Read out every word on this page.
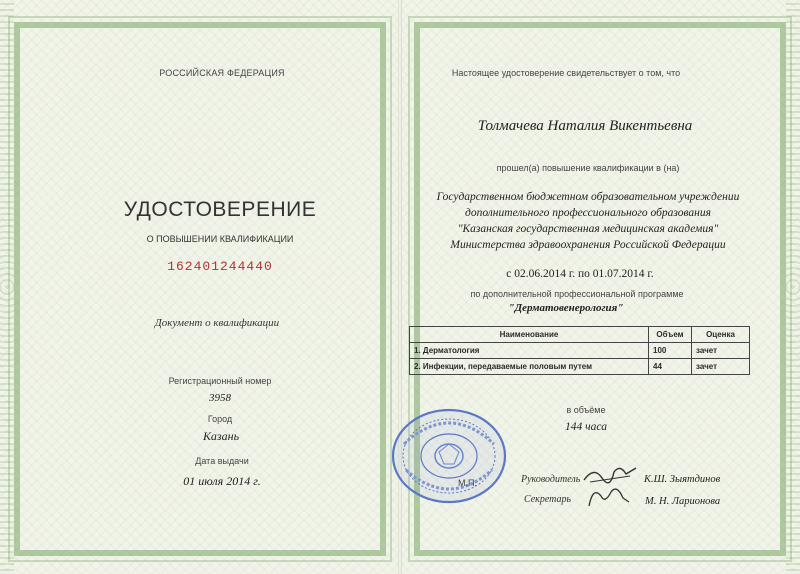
РОССИЙСКАЯ ФЕДЕРАЦИЯ
УДОСТОВЕРЕНИЕ
О ПОВЫШЕНИИ КВАЛИФИКАЦИИ
162401244440
Документ о квалификации
Регистрационный номер
3958
Город
Казань
Дата выдачи
01 июля 2014 г.
Настоящее удостоверение свидетельствует о том, что
Толмачева Наталия Викентьевна
прошел(а) повышение квалификации в (на)
Государственном бюджетном образовательном учреждении
дополнительного профессионального образования
"Казанская государственная медицинская академия"
Министерства здравоохранения Российской Федерации
с 02.06.2014 г. по 01.07.2014 г.
по дополнительной профессиональной программе
"Дерматовенерология"
Наименование	Объем	Оценка
1. Дерматология	100	зачет
2. Инфекции, передаваемые половым путем	44	зачет
в объёме
144 часа
М.П.	Руководитель	К.Ш. Зыятдинов
Секретарь	М. Н. Ларионова
